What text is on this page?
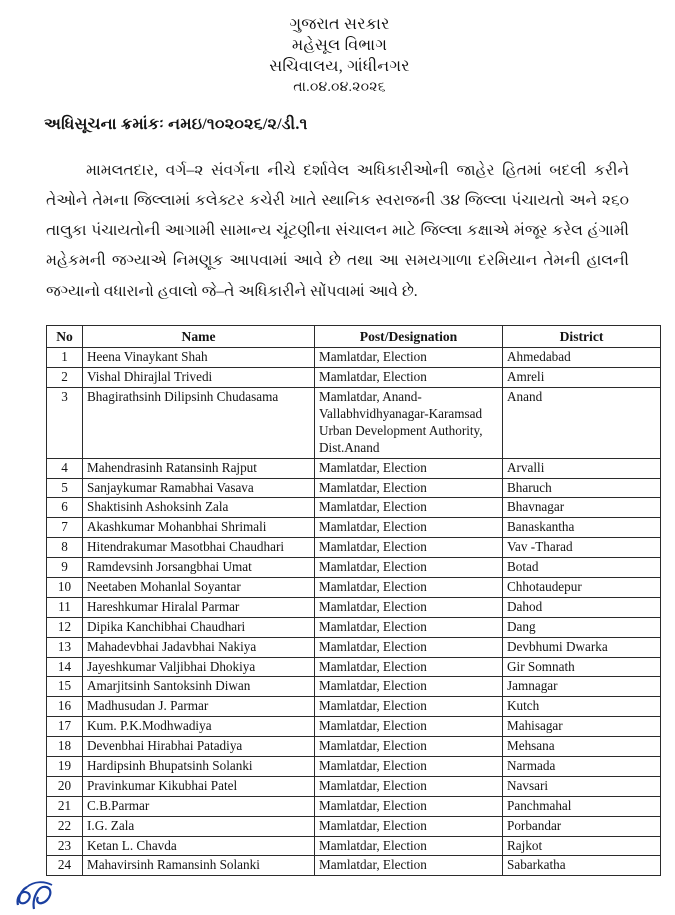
ગુજરાત સરકાર
મહેસૂલ વિભાગ
સચિવાલય, ગાંધીનગર
તા.૦૪.૦૪.૨૦૨૬
અધિસૂચના ક્રમાંકઃ નમઇ/૧૦૨૦૨૬/૨/ડી.૧
મામલતદાર, વર્ગ–૨ સંવર્ગના નીચે દર્શાવેલ અધિકારીઓની જાહેર હિતમાં બદલી કરીને તેઓને તેમના જિલ્લામાં કલેક્ટર કચેરી ખાતે સ્થાનિક સ્વરાજની ૩૪ જિલ્લા પંચાયતો અને ૨૬૦ તાલુકા પંચાયતોની આગામી સામાન્ય ચૂંટણીના સંચાલન માટે જિલ્લા કક્ષાએ મંજૂર કરેલ હંગામી મહેકમની જગ્યાએ નિમણૂક આપવામાં આવે છે તથા આ સમયગાળા દરમિયાન તેમની હાલની જગ્યાનો વધારાનો હવાલો જે–તે અધિકારીને સોંપવામાં આવે છે.
No	Name	Post/Designation	District
1	Heena Vinaykant Shah	Mamlatdar, Election	Ahmedabad
2	Vishal Dhirajlal Trivedi	Mamlatdar, Election	Amreli
3	Bhagirathsinh Dilipsinh Chudasama	Mamlatdar, Anand-Vallabhvidhyanagar-Karamsad Urban Development Authority, Dist.Anand	Anand
4	Mahendrasinh Ratansinh Rajput	Mamlatdar, Election	Arvalli
5	Sanjaykumar Ramabhai Vasava	Mamlatdar, Election	Bharuch
6	Shaktisinh Ashoksinh Zala	Mamlatdar, Election	Bhavnagar
7	Akashkumar Mohanbhai Shrimali	Mamlatdar, Election	Banaskantha
8	Hitendrakumar Masotbhai Chaudhari	Mamlatdar, Election	Vav -Tharad
9	Ramdevsinh Jorsangbhai Umat	Mamlatdar, Election	Botad
10	Neetaben Mohanlal Soyantar	Mamlatdar, Election	Chhotaudepur
11	Hareshkumar Hiralal Parmar	Mamlatdar, Election	Dahod
12	Dipika Kanchibhai Chaudhari	Mamlatdar, Election	Dang
13	Mahadevbhai Jadavbhai Nakiya	Mamlatdar, Election	Devbhumi Dwarka
14	Jayeshkumar Valjibhai Dhokiya	Mamlatdar, Election	Gir Somnath
15	Amarjitsinh Santoksinh Diwan	Mamlatdar, Election	Jamnagar
16	Madhusudan J. Parmar	Mamlatdar, Election	Kutch
17	Kum. P.K.Modhwadiya	Mamlatdar, Election	Mahisagar
18	Devenbhai Hirabhai Patadiya	Mamlatdar, Election	Mehsana
19	Hardipsinh Bhupatsinh Solanki	Mamlatdar, Election	Narmada
20	Pravinkumar Kikubhai Patel	Mamlatdar, Election	Navsari
21	C.B.Parmar	Mamlatdar, Election	Panchmahal
22	I.G. Zala	Mamlatdar, Election	Porbandar
23	Ketan L. Chavda	Mamlatdar, Election	Rajkot
24	Mahavirsinh Ramansinh Solanki	Mamlatdar, Election	Sabarkatha
